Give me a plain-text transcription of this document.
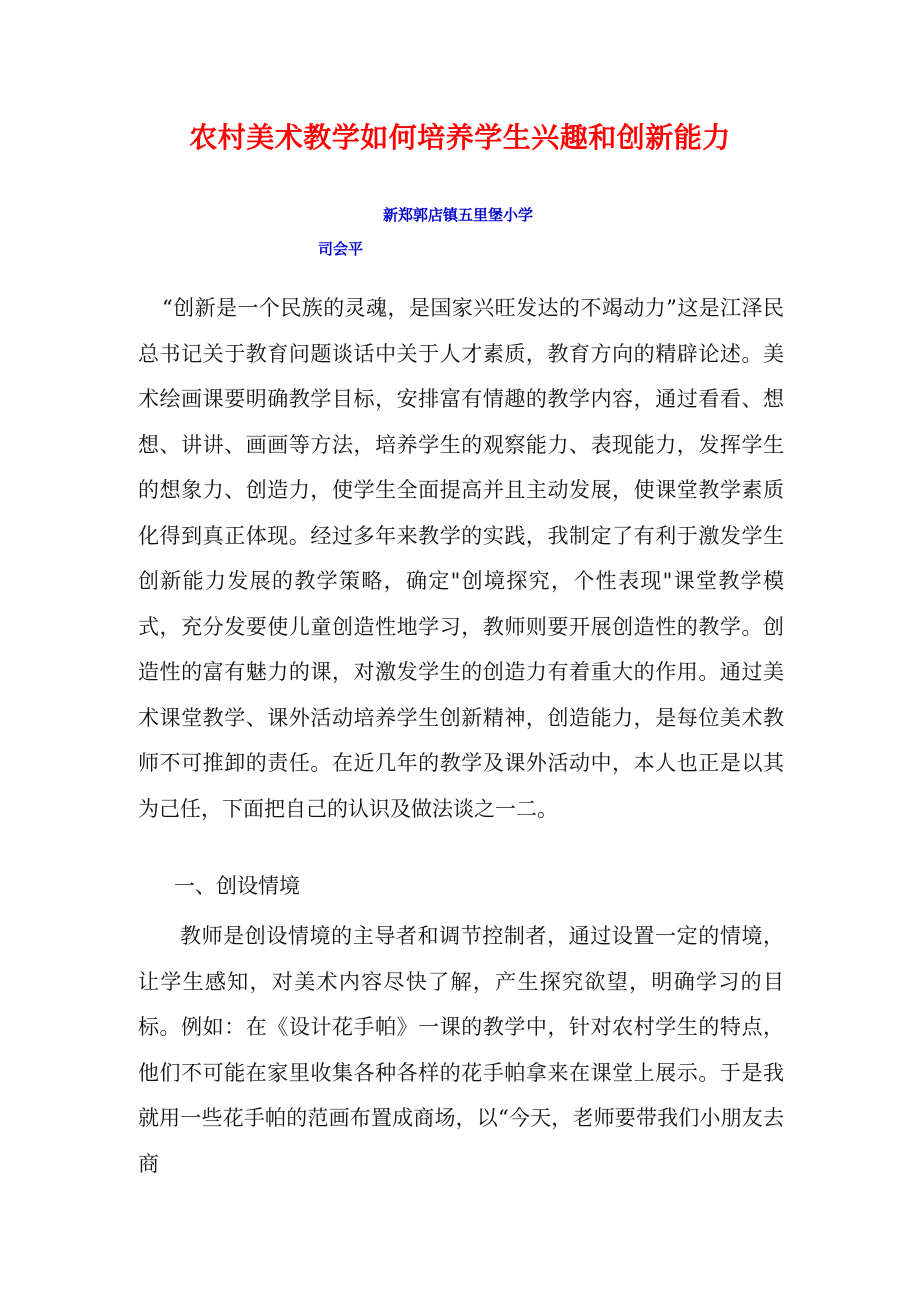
农村美术教学如何培养学生兴趣和创新能力
新郑郭店镇五里堡小学
司会平

“创新是一个民族的灵魂，是国家兴旺发达的不竭动力”这是江泽民总书记关于教育问题谈话中关于人才素质，教育方向的精辟论述。美术绘画课要明确教学目标，安排富有情趣的教学内容，通过看看、想想、讲讲、画画等方法，培养学生的观察能力、表现能力，发挥学生的想象力、创造力，使学生全面提高并且主动发展，使课堂教学素质化得到真正体现。经过多年来教学的实践，我制定了有利于激发学生创新能力发展的教学策略，确定"创境探究，个性表现"课堂教学模式，充分发要使儿童创造性地学习，教师则要开展创造性的教学。创造性的富有魅力的课，对激发学生的创造力有着重大的作用。通过美术课堂教学、课外活动培养学生创新精神，创造能力，是每位美术教师不可推卸的责任。在近几年的教学及课外活动中，本人也正是以其为己任，下面把自己的认识及做法谈之一二。

一、创设情境

教师是创设情境的主导者和调节控制者，通过设置一定的情境，让学生感知，对美术内容尽快了解，产生探究欲望，明确学习的目标。例如：在《设计花手帕》一课的教学中，针对农村学生的特点，他们不可能在家里收集各种各样的花手帕拿来在课堂上展示。于是我就用一些花手帕的范画布置成商场，以“今天，老师要带我们小朋友去商
